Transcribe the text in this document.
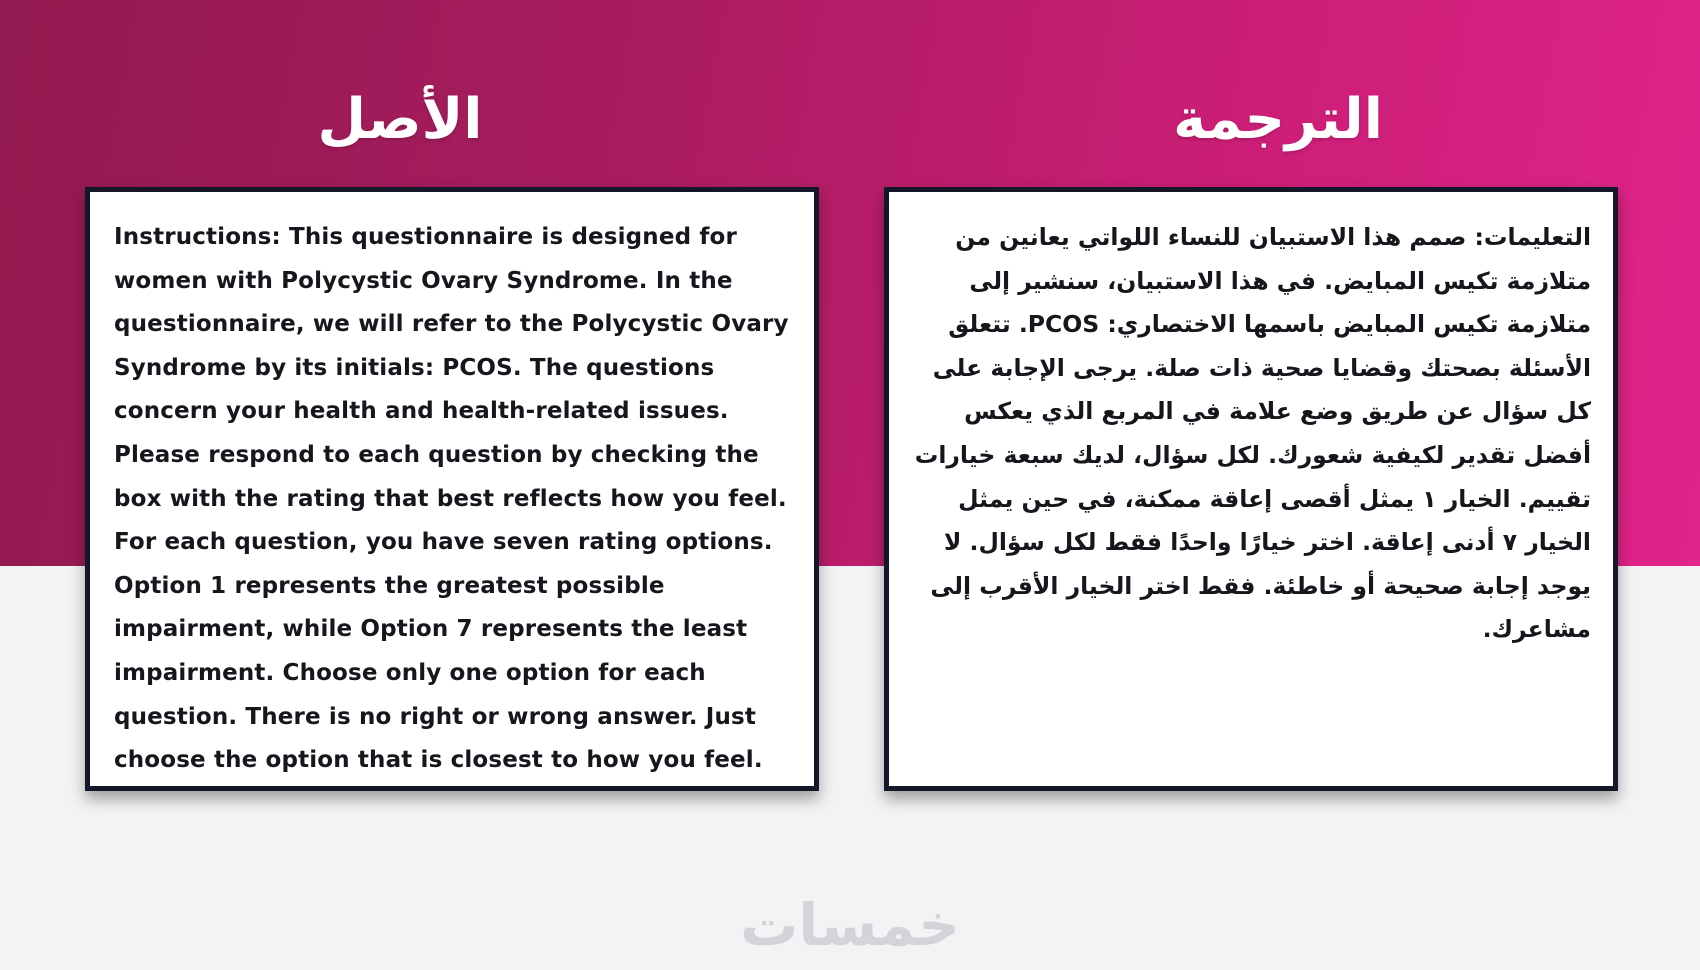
الأصل	الترجمة

Instructions: This questionnaire is designed for women with Polycystic Ovary Syndrome. In the questionnaire, we will refer to the Polycystic Ovary Syndrome by its initials: PCOS. The questions concern your health and health-related issues. Please respond to each question by checking the box with the rating that best reflects how you feel. For each question, you have seven rating options. Option 1 represents the greatest possible impairment, while Option 7 represents the least impairment. Choose only one option for each question. There is no right or wrong answer. Just choose the option that is closest to how you feel.

التعليمات: صمم هذا الاستبيان للنساء اللواتي يعانين من متلازمة تكيس المبايض. في هذا الاستبيان، سنشير إلى متلازمة تكيس المبايض باسمها الاختصاري: PCOS. تتعلق الأسئلة بصحتك وقضايا صحية ذات صلة. يرجى الإجابة على كل سؤال عن طريق وضع علامة في المربع الذي يعكس أفضل تقدير لكيفية شعورك. لكل سؤال، لديك سبعة خيارات تقييم. الخيار ١ يمثل أقصى إعاقة ممكنة، في حين يمثل الخيار ٧ أدنى إعاقة. اختر خيارًا واحدًا فقط لكل سؤال. لا يوجد إجابة صحيحة أو خاطئة. فقط اختر الخيار الأقرب إلى مشاعرك.

خمسات
